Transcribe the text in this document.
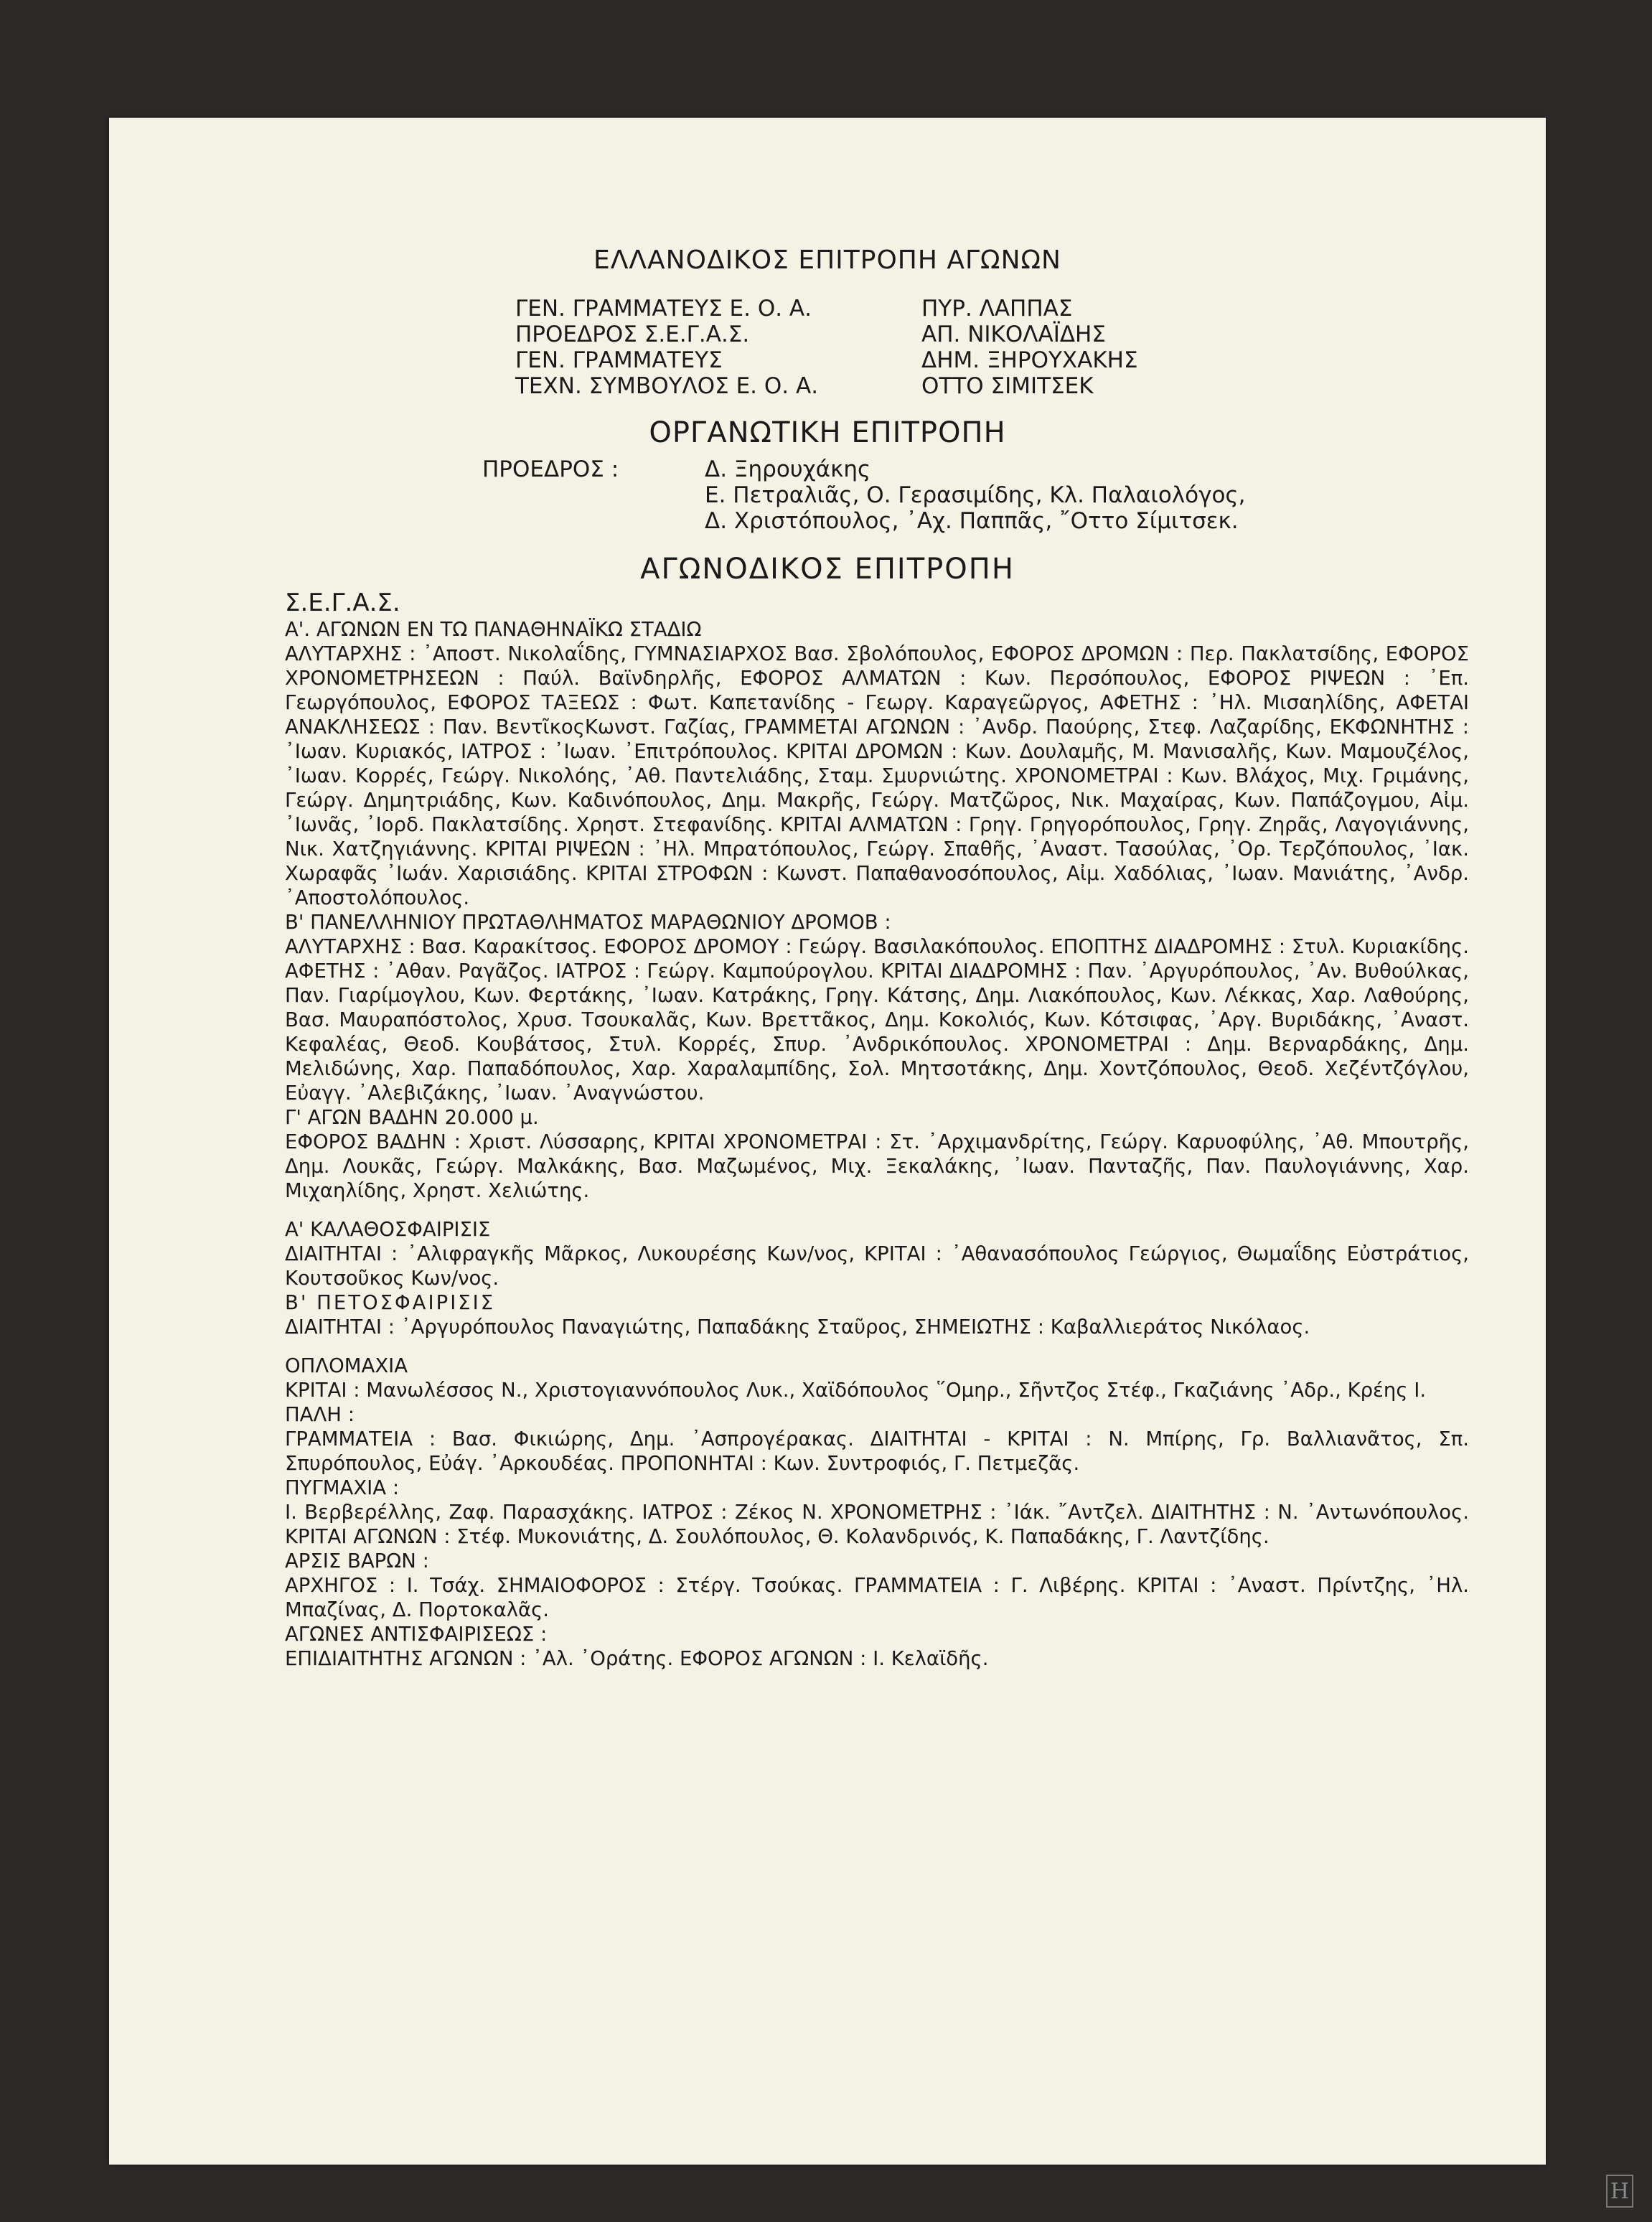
ΕΛΛΑΝΟΔΙΚΟΣ ΕΠΙΤΡΟΠΗ ΑΓΩΝΩΝ
ΓΕΝ. ΓΡΑΜΜΑΤΕΥΣ Ε. Ο. Α.	ΠΥΡ. ΛΑΠΠΑΣ
ΠΡΟΕΔΡΟΣ Σ.Ε.Γ.Α.Σ.	ΑΠ. ΝΙΚΟΛΑΪΔΗΣ
ΓΕΝ. ΓΡΑΜΜΑΤΕΥΣ	ΔΗΜ. ΞΗΡΟΥΧΑΚΗΣ
ΤΕΧΝ. ΣΥΜΒΟΥΛΟΣ Ε. Ο. Α.	ΟΤΤΟ ΣΙΜΙΤΣΕΚ
ΟΡΓΑΝΩΤΙΚΗ ΕΠΙΤΡΟΠΗ
ΠΡΟΕΔΡΟΣ :	Δ. Ξηρουχάκης
Ε. Πετραλιᾶς, Ο. Γερασιμίδης, Κλ. Παλαιολόγος,
Δ. Χριστόπουλος, ᾿Αχ. Παππᾶς, ῎Οττο Σίμιτσεκ.
ΑΓΩΝΟΔΙΚΟΣ ΕΠΙΤΡΟΠΗ

Σ.Ε.Γ.Α.Σ.

Α'. ΑΓΩΝΩΝ ΕΝ ΤΩ ΠΑΝΑΘΗΝΑΪΚΩ ΣΤΑΔΙΩ

ΑΛΥΤΑΡΧΗΣ : ᾿Αποστ. Νικολαΐδης, ΓΥΜΝΑΣΙΑΡΧΟΣ Βασ. Σβολόπουλος, ΕΦΟΡΟΣ ΔΡΟΜΩΝ : Περ. Πακλατσίδης, ΕΦΟΡΟΣ ΧΡΟΝΟΜΕΤΡΗΣΕΩΝ : Παύλ. Βαϊνδηρλῆς, ΕΦΟΡΟΣ ΑΛΜΑΤΩΝ : Κων. Περσόπουλος, ΕΦΟΡΟΣ ΡΙΨΕΩΝ : ᾿Επ. Γεωργόπουλος, ΕΦΟΡΟΣ ΤΑΞΕΩΣ : Φωτ. Καπετανίδης - Γεωργ. Καραγεῶργος, ΑΦΕΤΗΣ : ᾿Ηλ. Μισαηλίδης, ΑΦΕΤΑΙ ΑΝΑΚΛΗΣΕΩΣ : Παν. ΒεντῖκοςΚωνστ. Γαζίας, ΓΡΑΜΜΕΤΑΙ ΑΓΩΝΩΝ : ᾿Ανδρ. Παούρης, Στεφ. Λαζαρίδης, ΕΚΦΩΝΗΤΗΣ : ᾿Ιωαν. Κυριακός, ΙΑΤΡΟΣ : ᾿Ιωαν. ᾿Επιτρόπουλος. ΚΡΙΤΑΙ ΔΡΟΜΩΝ : Κων. Δουλαμῆς, Μ. Μανισαλῆς, Κων. Μαμουζέλος, ᾿Ιωαν. Κορρές, Γεώργ. Νικολόης, ᾿Αθ. Παντελιάδης, Σταμ. Σμυρνιώτης. ΧΡΟΝΟΜΕΤΡΑΙ : Κων. Βλάχος, Μιχ. Γριμάνης, Γεώργ. Δημητριάδης, Κων. Καδινόπουλος, Δημ. Μακρῆς, Γεώργ. Ματζῶρος, Νικ. Μαχαίρας, Κων. Παπάζογμου, Αἰμ. ᾿Ιωνᾶς, ᾿Ιορδ. Πακλατσίδης. Χρηστ. Στεφανίδης. ΚΡΙΤΑΙ ΑΛΜΑΤΩΝ : Γρηγ. Γρηγορόπουλος, Γρηγ. Ζηρᾶς, Λαγογιάννης, Νικ. Χατζηγιάννης. ΚΡΙΤΑΙ ΡΙΨΕΩΝ : ᾿Ηλ. Μπρατόπουλος, Γεώργ. Σπαθῆς, ᾿Αναστ. Τασούλας, ᾿Ορ. Τερζόπουλος, ᾿Ιακ. Χωραφᾶς ᾿Ιωάν. Χαρισιάδης. ΚΡΙΤΑΙ ΣΤΡΟΦΩΝ : Κωνστ. Παπαθανοσόπουλος, Αἰμ. Χαδόλιας, ᾿Ιωαν. Μανιάτης, ᾿Ανδρ. ᾿Αποστολόπουλος.

Β' ΠΑΝΕΛΛΗΝΙΟΥ ΠΡΩΤΑΘΛΗΜΑΤΟΣ ΜΑΡΑΘΩΝΙΟΥ ΔΡΟΜΟΒ :

ΑΛΥΤΑΡΧΗΣ : Βασ. Καρακίτσος. ΕΦΟΡΟΣ ΔΡΟΜΟΥ : Γεώργ. Βασιλακόπουλος. ΕΠΟΠΤΗΣ ΔΙΑΔΡΟΜΗΣ : Στυλ. Κυριακίδης. ΑΦΕΤΗΣ : ᾿Αθαν. Ραγᾶζος. ΙΑΤΡΟΣ : Γεώργ. Καμπούρογλου. ΚΡΙΤΑΙ ΔΙΑΔΡΟΜΗΣ : Παν. ᾿Αργυρόπουλος, ᾿Αν. Βυθούλκας, Παν. Γιαρίμογλου, Κων. Φερτάκης, ᾿Ιωαν. Κατράκης, Γρηγ. Κάτσης, Δημ. Λιακόπουλος, Κων. Λέκκας, Χαρ. Λαθούρης, Βασ. Μαυραπόστολος, Χρυσ. Τσουκαλᾶς, Κων. Βρεττᾶκος, Δημ. Κοκολιός, Κων. Κότσιφας, ᾿Αργ. Βυριδάκης, ᾿Αναστ. Κεφαλέας, Θεοδ. Κουβάτσος, Στυλ. Κορρές, Σπυρ. ᾿Ανδρικόπουλος. ΧΡΟΝΟΜΕΤΡΑΙ : Δημ. Βερναρδάκης, Δημ. Μελιδώνης, Χαρ. Παπαδόπουλος, Χαρ. Χαραλαμπίδης, Σολ. Μητσοτάκης, Δημ. Χοντζόπουλος, Θεοδ. Χεζέντζόγλου, Εὐαγγ. ᾿Αλεβιζάκης, ᾿Ιωαν. ᾿Αναγνώστου.

Γ' ΑΓΩΝ ΒΑΔΗΝ 20.000 μ.

ΕΦΟΡΟΣ ΒΑΔΗΝ : Χριστ. Λύσσαρης, ΚΡΙΤΑΙ ΧΡΟΝΟΜΕΤΡΑΙ : Στ. ᾿Αρχιμανδρίτης, Γεώργ. Καρυοφύλης, ᾿Αθ. Μπουτρῆς, Δημ. Λουκᾶς, Γεώργ. Μαλκάκης, Βασ. Μαζωμένος, Μιχ. Ξεκαλάκης, ᾿Ιωαν. Πανταζῆς, Παν. Παυλογιάννης, Χαρ. Μιχαηλίδης, Χρηστ. Χελιώτης.

Α' ΚΑΛΑΘΟΣΦΑΙΡΙΣΙΣ

ΔΙΑΙΤΗΤΑΙ : ᾿Αλιφραγκῆς Μᾶρκος, Λυκουρέσης Κων/νος, ΚΡΙΤΑΙ : ᾿Αθανασόπουλος Γεώργιος, Θωμαΐδης Εὐστράτιος, Κουτσοῦκος Κων/νος.

Β' ΠΕΤΟΣΦΑΙΡΙΣΙΣ

ΔΙΑΙΤΗΤΑΙ : ᾿Αργυρόπουλος Παναγιώτης, Παπαδάκης Σταῦρος, ΣΗΜΕΙΩΤΗΣ : Καβαλλιεράτος Νικόλαος.

ΟΠΛΟΜΑΧΙΑ

ΚΡΙΤΑΙ : Μανωλέσσος Ν., Χριστογιαννόπουλος Λυκ., Χαϊδόπουλος ῞Ομηρ., Σῆντζος Στέφ., Γκαζιάνης ᾿Αδρ., Κρέης Ι.

ΠΑΛΗ :

ΓΡΑΜΜΑΤΕΙΑ : Βασ. Φικιώρης, Δημ. ᾿Ασπρογέρακας. ΔΙΑΙΤΗΤΑΙ - ΚΡΙΤΑΙ : Ν. Μπίρης, Γρ. Βαλλιανᾶτος, Σπ. Σπυρόπουλος, Εὐάγ. ᾿Αρκουδέας. ΠΡΟΠΟΝΗΤΑΙ : Κων. Συντροφιός, Γ. Πετμεζᾶς.

ΠΥΓΜΑΧΙΑ :

Ι. Βερβερέλλης, Ζαφ. Παρασχάκης. ΙΑΤΡΟΣ : Ζέκος Ν. ΧΡΟΝΟΜΕΤΡΗΣ : ᾿Ιάκ. ῎Αντζελ. ΔΙΑΙΤΗΤΗΣ : Ν. ᾿Αντωνόπουλος. ΚΡΙΤΑΙ ΑΓΩΝΩΝ : Στέφ. Μυκονιάτης, Δ. Σουλόπουλος, Θ. Κολανδρινός, Κ. Παπαδάκης, Γ. Λαντζίδης.

ΑΡΣΙΣ ΒΑΡΩΝ :

ΑΡΧΗΓΟΣ : Ι. Τσάχ. ΣΗΜΑΙΟΦΟΡΟΣ : Στέργ. Τσούκας. ΓΡΑΜΜΑΤΕΙΑ : Γ. Λιβέρης. ΚΡΙΤΑΙ : ᾿Αναστ. Πρίντζης, ᾿Ηλ. Μπαζίνας, Δ. Πορτοκαλᾶς.

ΑΓΩΝΕΣ ΑΝΤΙΣΦΑΙΡΙΣΕΩΣ :

ΕΠΙΔΙΑΙΤΗΤΗΣ ΑΓΩΝΩΝ : ᾿Αλ. ᾿Οράτης. ΕΦΟΡΟΣ ΑΓΩΝΩΝ : Ι. Κελαϊδῆς.

H
